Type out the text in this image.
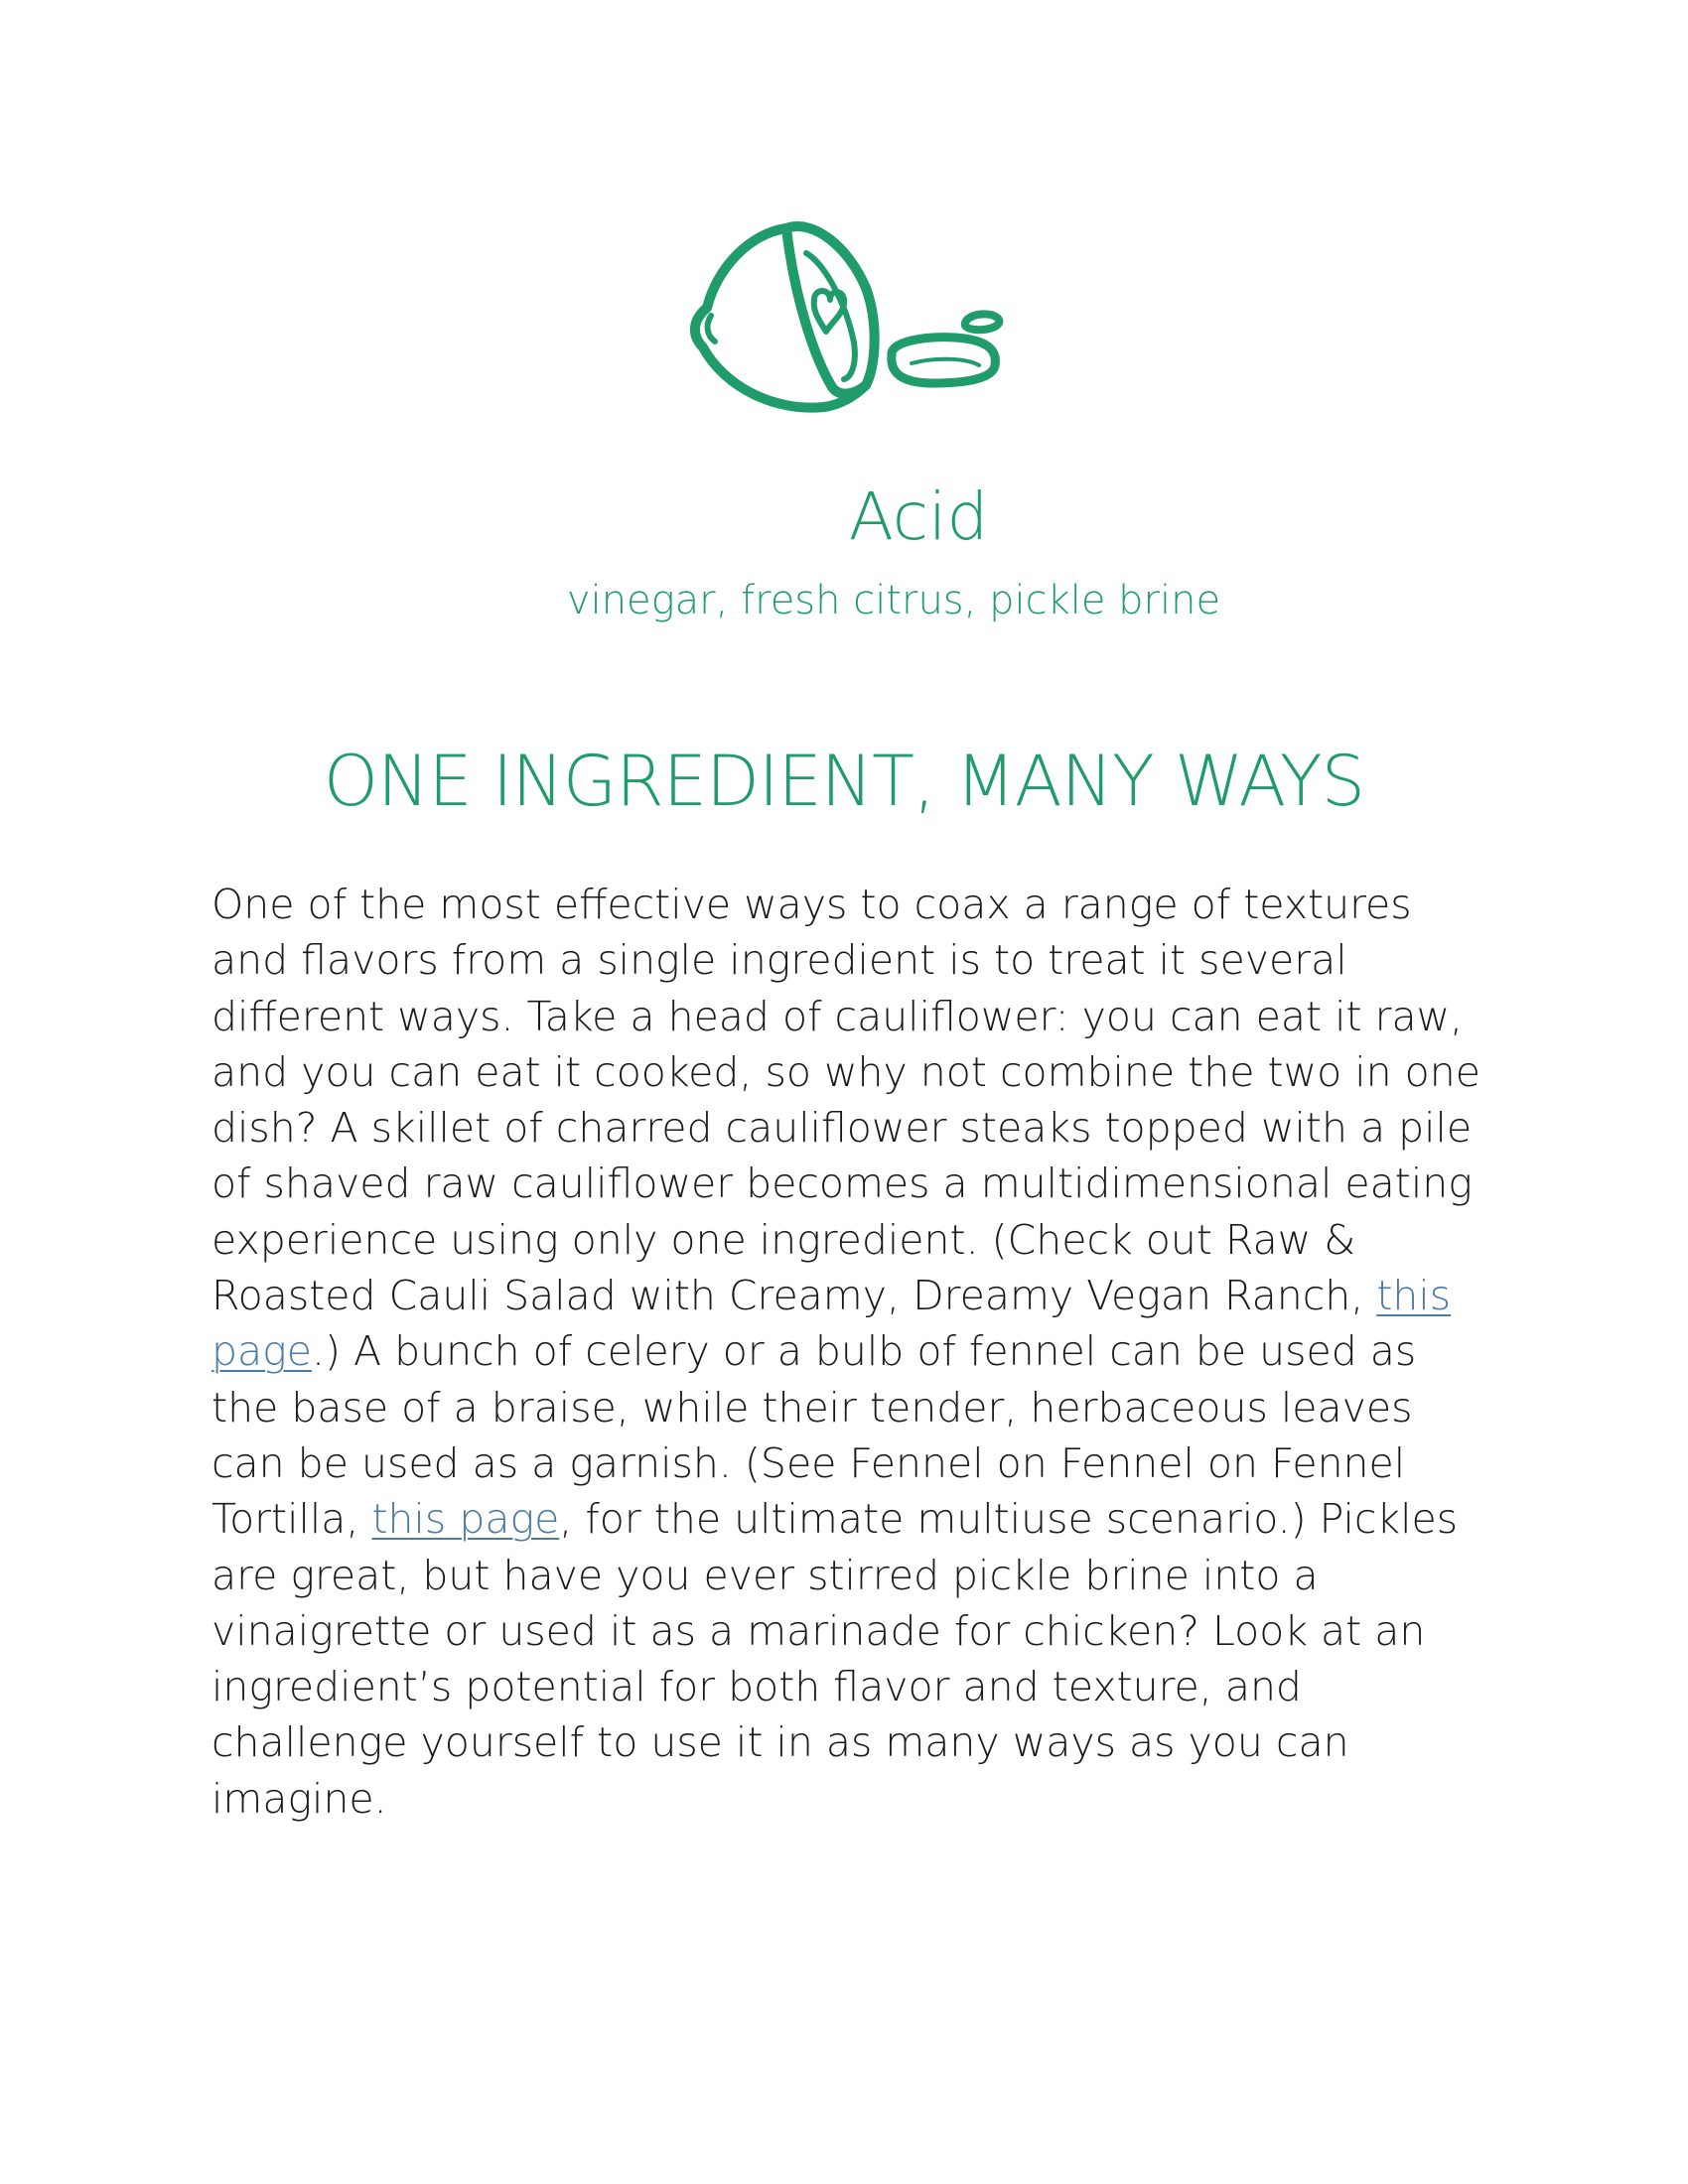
Acid
vinegar, fresh citrus, pickle brine
ONE INGREDIENT, MANY WAYS

One of the most effective ways to coax a range of textures
and flavors from a single ingredient is to treat it several
different ways. Take a head of cauliflower: you can eat it raw,
and you can eat it cooked, so why not combine the two in one
dish? A skillet of charred cauliflower steaks topped with a pile
of shaved raw cauliflower becomes a multidimensional eating
experience using only one ingredient. (Check out Raw &
Roasted Cauli Salad with Creamy, Dreamy Vegan Ranch, this
page.) A bunch of celery or a bulb of fennel can be used as
the base of a braise, while their tender, herbaceous leaves
can be used as a garnish. (See Fennel on Fennel on Fennel
Tortilla, this page, for the ultimate multiuse scenario.) Pickles
are great, but have you ever stirred pickle brine into a
vinaigrette or used it as a marinade for chicken? Look at an
ingredient’s potential for both flavor and texture, and
challenge yourself to use it in as many ways as you can
imagine.
